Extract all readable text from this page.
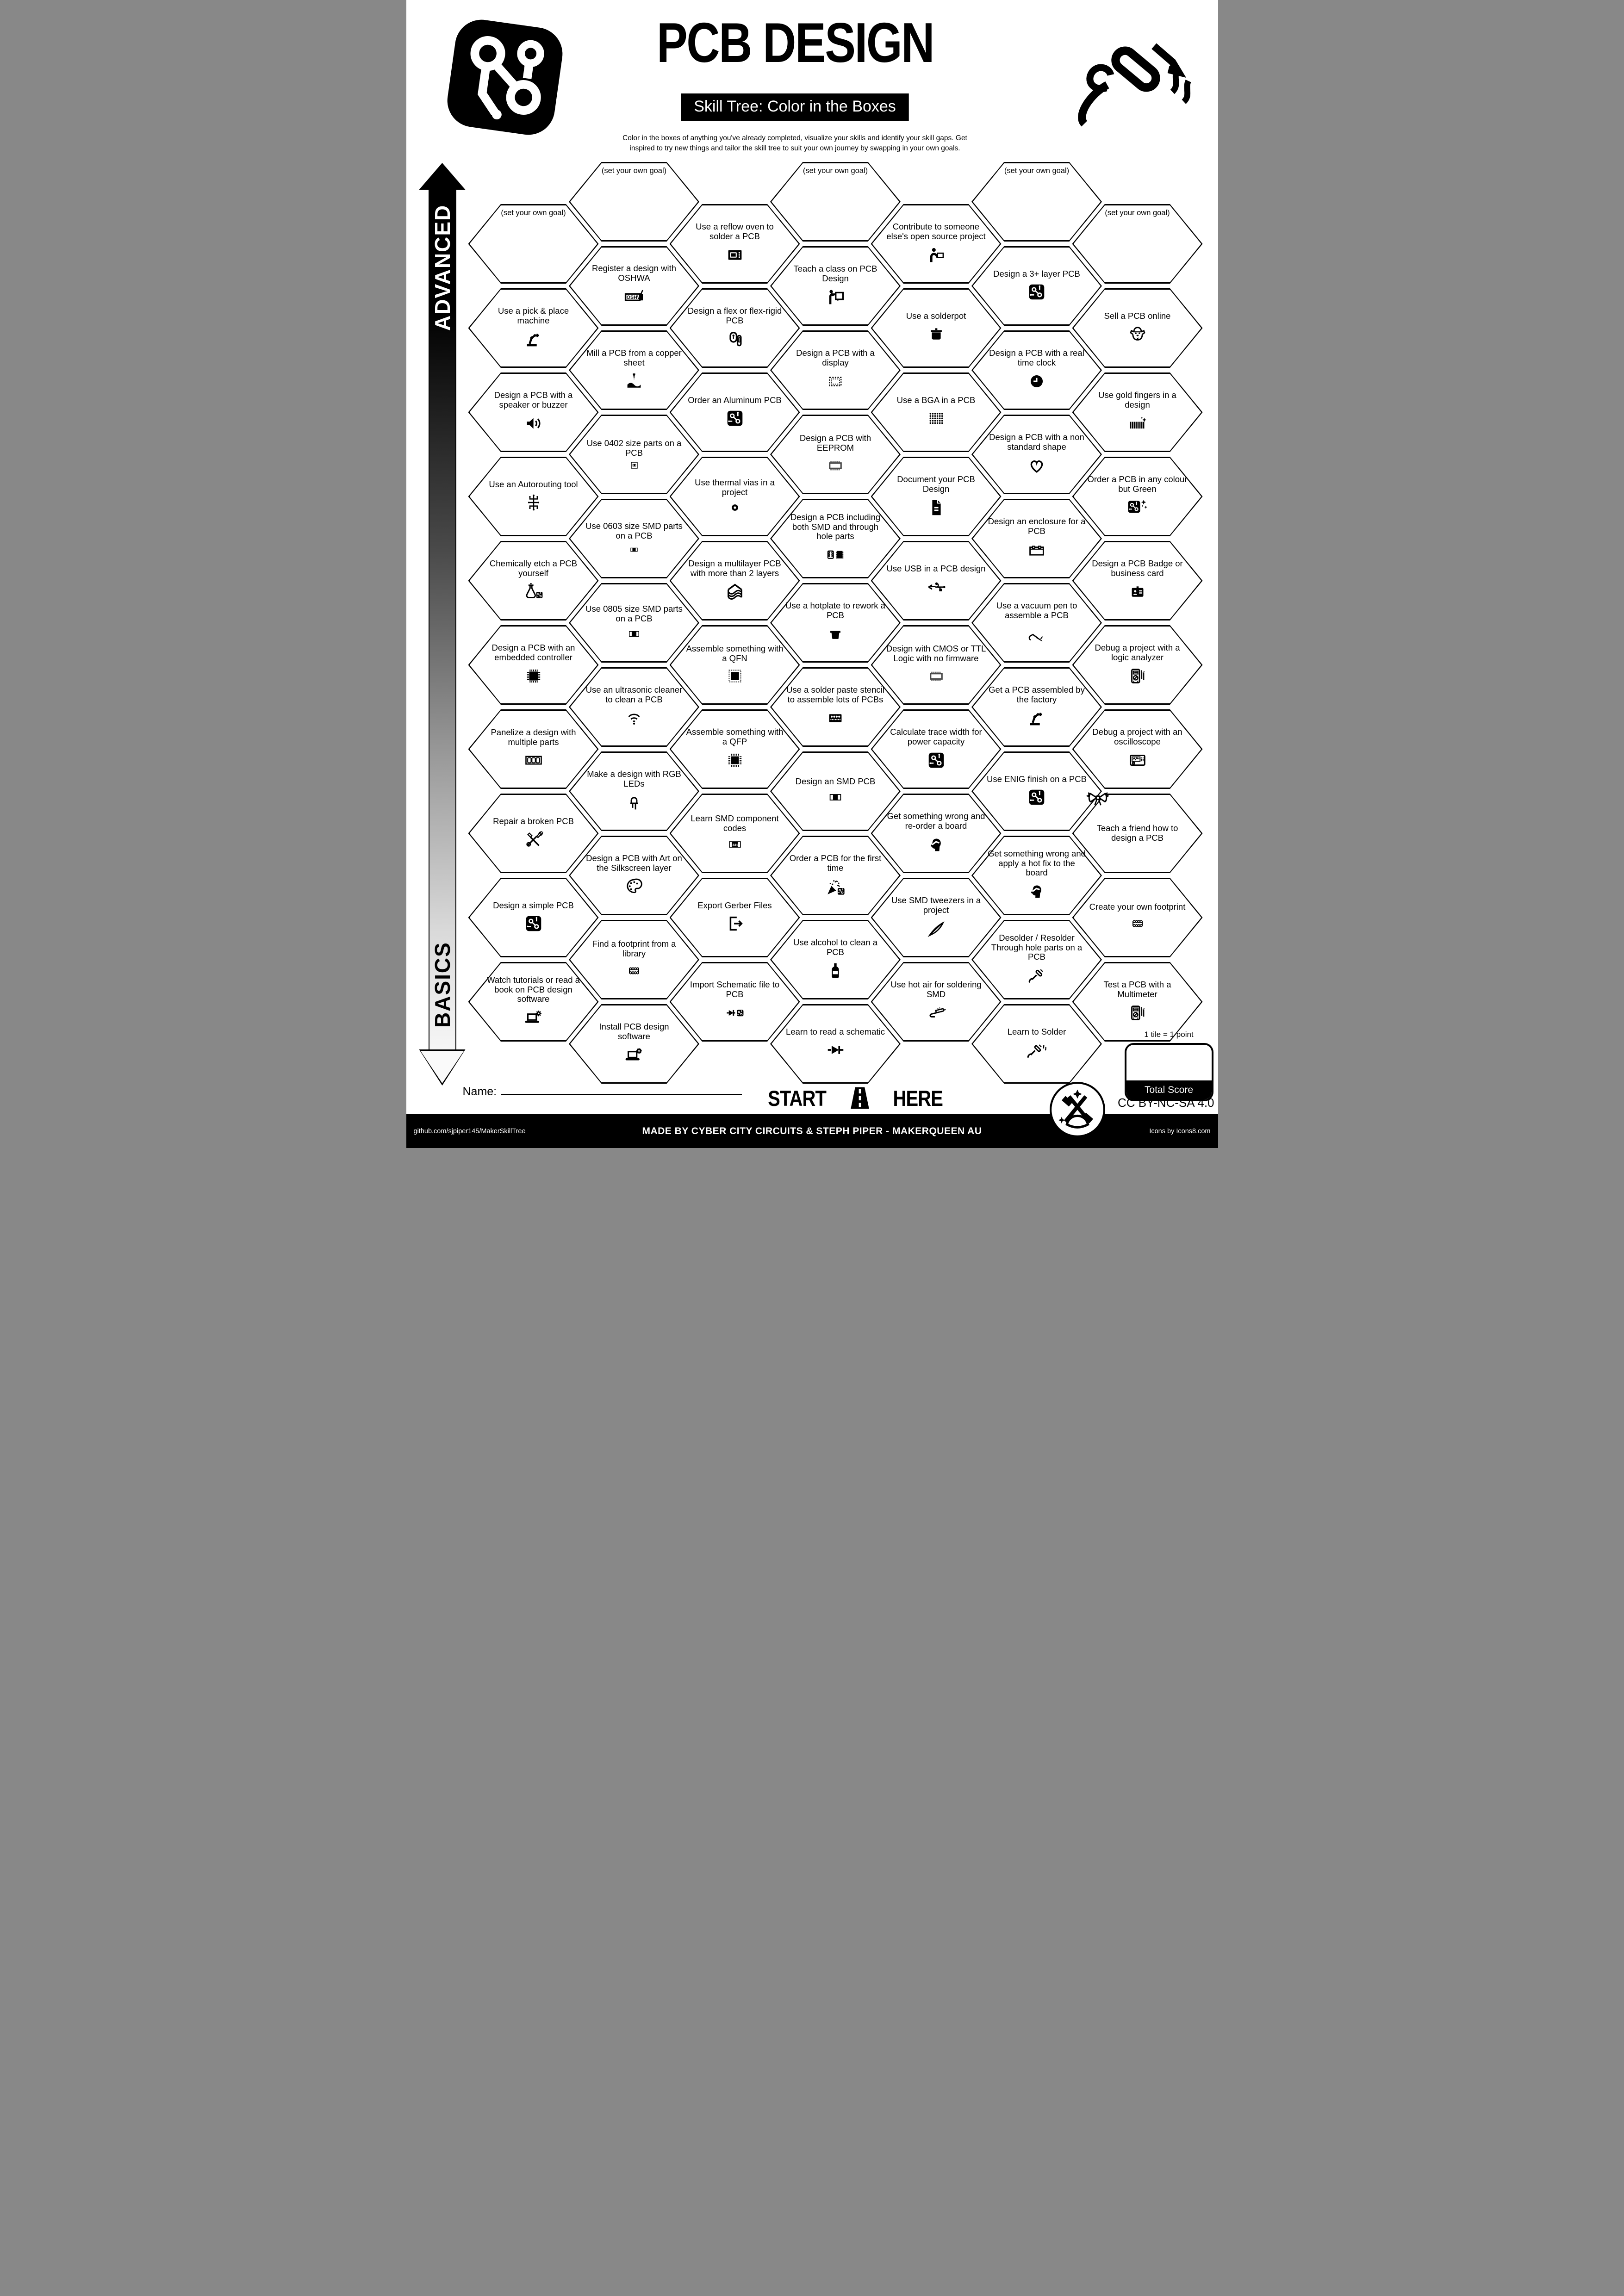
PCB DESIGN
Skill Tree: Color in the Boxes
Color in the boxes of anything you've already completed, visualize your skills and identify your skill gaps. Get inspired to try new things and tailor the skill tree to suit your own journey by swapping in your own goals.
ADVANCED
BASICS
(set your own goal)
Use a pick & place machine
Design a PCB with a speaker or buzzer
Use an Autorouting tool
Chemically etch a PCB yourself
Design a PCB with an embedded controller
Panelize a design with multiple parts
Repair a broken PCB
Design a simple PCB
Watch tutorials or read a book on PCB design software
(set your own goal)
Register a design with OSHWA
OSHW
Mill a PCB from a copper sheet
Use 0402 size parts on a PCB
Use 0603 size SMD parts on a PCB
Use 0805 size SMD parts on a PCB
Use an ultrasonic cleaner to clean a PCB
Make a design with RGB LEDs
Design a PCB with Art on the Silkscreen layer
Find a footprint from a library
Install PCB design software
Use a reflow oven to solder a PCB
Design a flex or flex-rigid PCB
Order an Aluminum PCB
Use thermal vias in a project
Design a multilayer PCB with more than 2 layers
Assemble something with a QFN
Assemble something with a QFP
Learn SMD component codes
331
Export Gerber Files
Import Schematic file to PCB
(set your own goal)
Teach a class on PCB Design
Design a PCB with a display
Design a PCB with EEPROM
Design a PCB including both SMD and through hole parts
Use a hotplate to rework a PCB
Use a solder paste stencil to assemble lots of PCBs
Design an SMD PCB
Order a PCB for the first time
Use alcohol to clean a PCB
Learn to read a schematic
Contribute to someone else's open source project
Use a solderpot
Use a BGA in a PCB
Document your PCB Design
Use USB in a PCB design
Design with CMOS or TTL Logic with no firmware
Calculate trace width for power capacity
Get something wrong and re-order a board
Use SMD tweezers in a project
Use hot air for soldering SMD
(set your own goal)
Design a 3+ layer PCB
Design a PCB with a real time clock
Design a PCB with a non standard shape
Design an enclosure for a PCB
Use a vacuum pen to assemble a PCB
Get a PCB assembled by the factory
Use ENIG finish on a PCB
Get something wrong and apply a hot fix to the board
Desolder / Resolder Through hole parts on a PCB
Learn to Solder
(set your own goal)
Sell a PCB online
Use gold fingers in a design
Order a PCB in any colour but Green
Design a PCB Badge or business card
Debug a project with a logic analyzer
Debug a project with an oscilloscope
Teach a friend how to design a PCB
Create your own footprint
Test a PCB with a Multimeter
START	HERE
Name:
1 tile = 1 point
Total Score
CC BY-NC-SA 4.0
github.com/sjpiper145/MakerSkillTree	MADE BY CYBER CITY CIRCUITS & STEPH PIPER - MAKERQUEEN AU	Icons by Icons8.com
